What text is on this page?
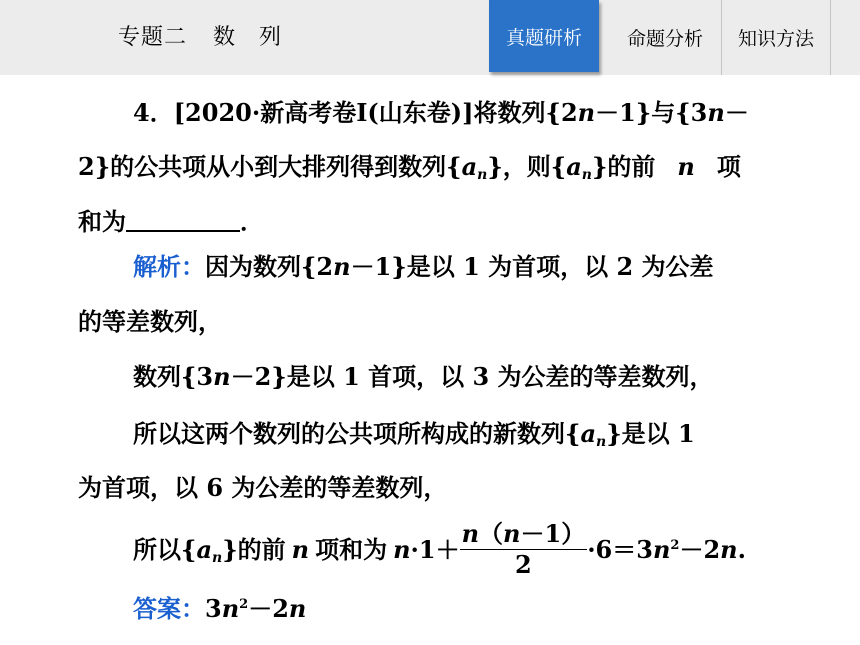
专题二 数　列	真题研析 命题分析 知识方法
4．[2020·新高考卷Ⅰ(山东卷)]将数列{2n－1}与{3n－
2}的公共项从小到大排列得到数列$\{a_n\}$，则$\{a_n\}$的前 n 项
和为	．
解析：因为数列{2n－1}是以 1 为首项，以 2 为公差
的等差数列，
数列{3n－2}是以 1 首项，以 3 为公差的等差数列，
所以这两个数列的公共项所构成的新数列$\{a_n\}$是以 1
为首项，以 6 为公差的等差数列，
所以$\{a_n\}$的前 n 项和为 $n\cdot 1+ \frac{n(n-1)}{2} \cdot 6=3n^2-2n$.
答案：$3n^2-2n$
